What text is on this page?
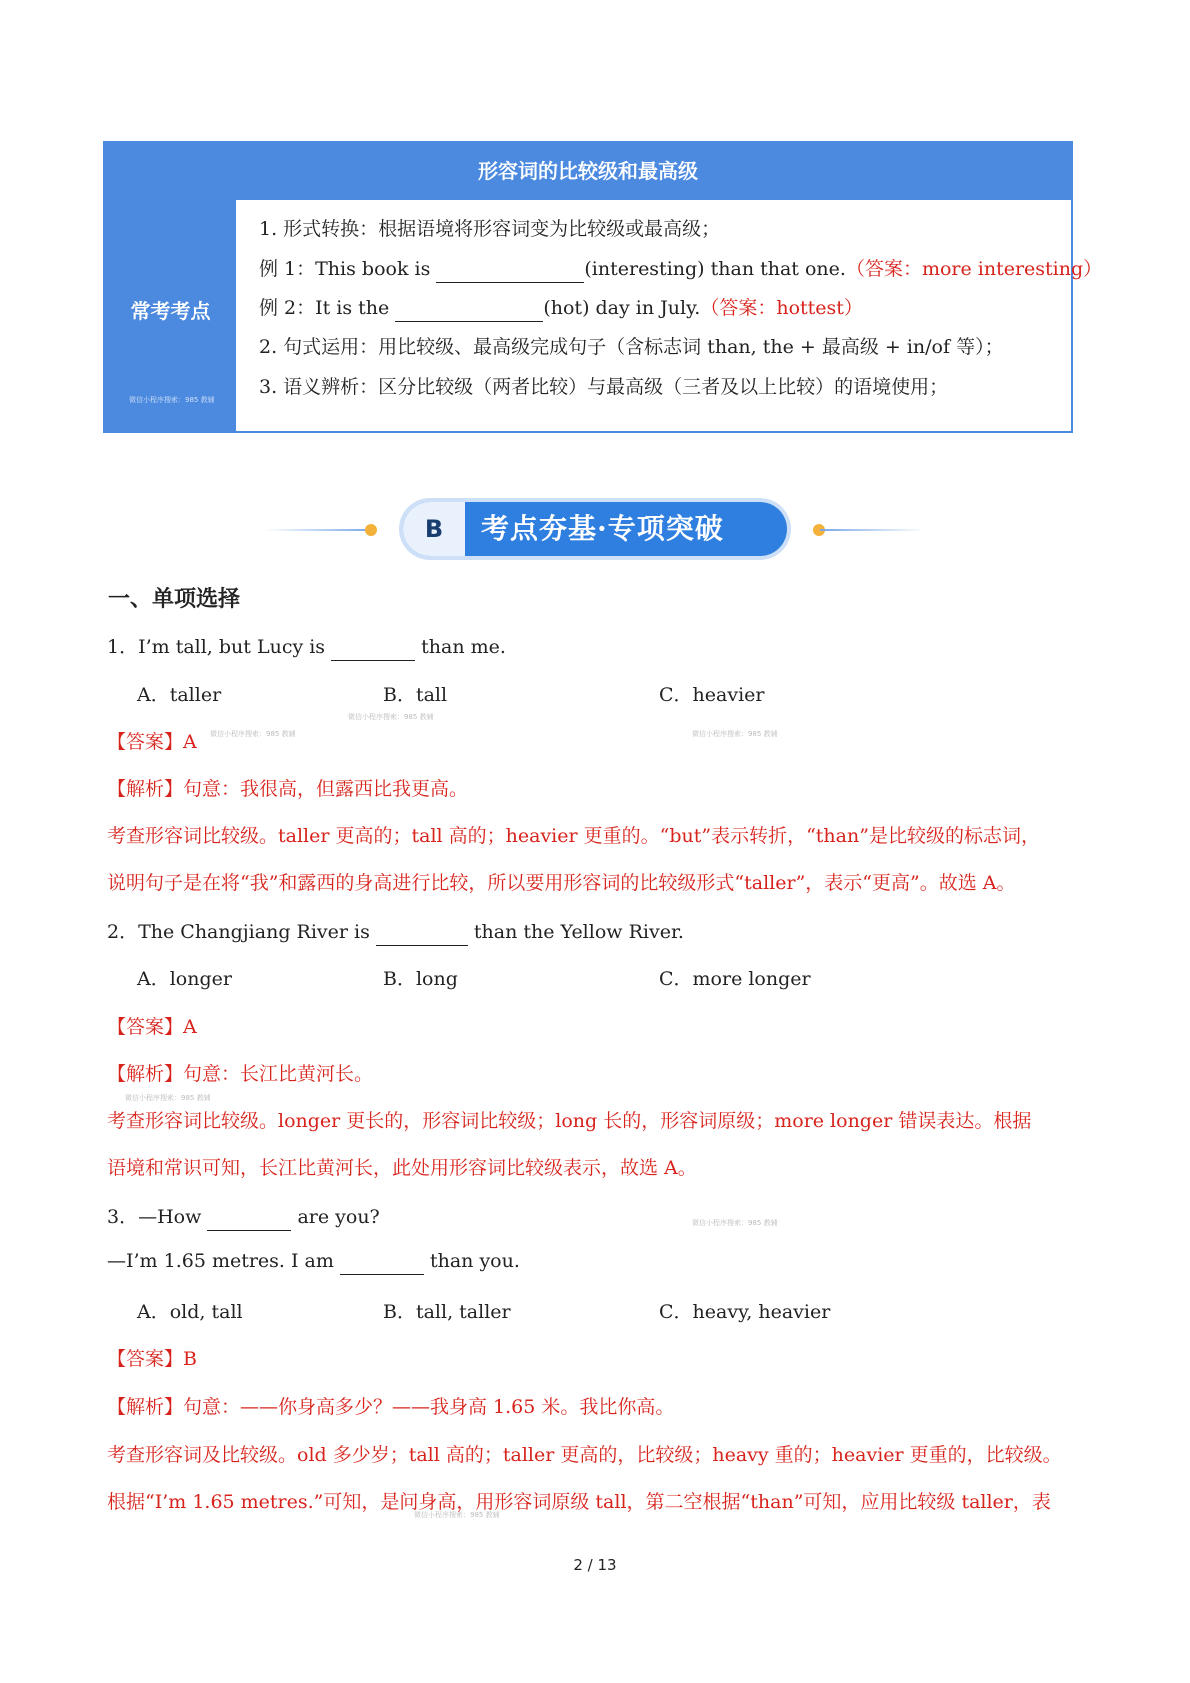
形容词的比较级和最高级
常考考点
微信小程序搜索：985 教辅
1. 形式转换：根据语境将形容词变为比较级或最高级；
例 1：This book is	(interesting) than that one.（答案：more interesting）
例 2：It is the	(hot) day in July.（答案：hottest）
2. 句式运用：用比较级、最高级完成句子（含标志词 than, the + 最高级 + in/of 等）；
3. 语义辨析：区分比较级（两者比较）与最高级（三者及以上比较）的语境使用；
B	考点夯基·专项突破
一、单项选择
1．I’m tall, but Lucy is	than me.
A．taller	B．tall	C．heavier
微信小程序搜索：985 教辅
【答案】A 微信小程序搜索：985 教辅	微信小程序搜索：985 教辅
【解析】句意：我很高，但露西比我更高。
考查形容词比较级。taller 更高的；tall 高的；heavier 更重的。“but”表示转折，“than”是比较级的标志词，
说明句子是在将“我”和露西的身高进行比较，所以要用形容词的比较级形式“taller”，表示“更高”。故选 A。
2．The Changjiang River is	than the Yellow River.
A．longer	B．long	C．more longer
【答案】A
【解析】句意：长江比黄河长。
微信小程序搜索：985 教辅
考查形容词比较级。longer 更长的，形容词比较级；long 长的，形容词原级；more longer 错误表达。根据
语境和常识可知，长江比黄河长，此处用形容词比较级表示，故选 A。
3．—How	are you?	微信小程序搜索：985 教辅
—I’m 1.65 metres. I am	than you.
A．old, tall	B．tall, taller	C．heavy, heavier
【答案】B
【解析】句意：——你身高多少？——我身高 1.65 米。我比你高。
考查形容词及比较级。old 多少岁；tall 高的；taller 更高的，比较级；heavy 重的；heavier 更重的，比较级。
根据“I’m 1.65 metres.”可知，是问身高，用形容词原级 tall，第二空根据“than”可知，应用比较级 taller，表
微信小程序搜索：985 教辅
2 / 13
